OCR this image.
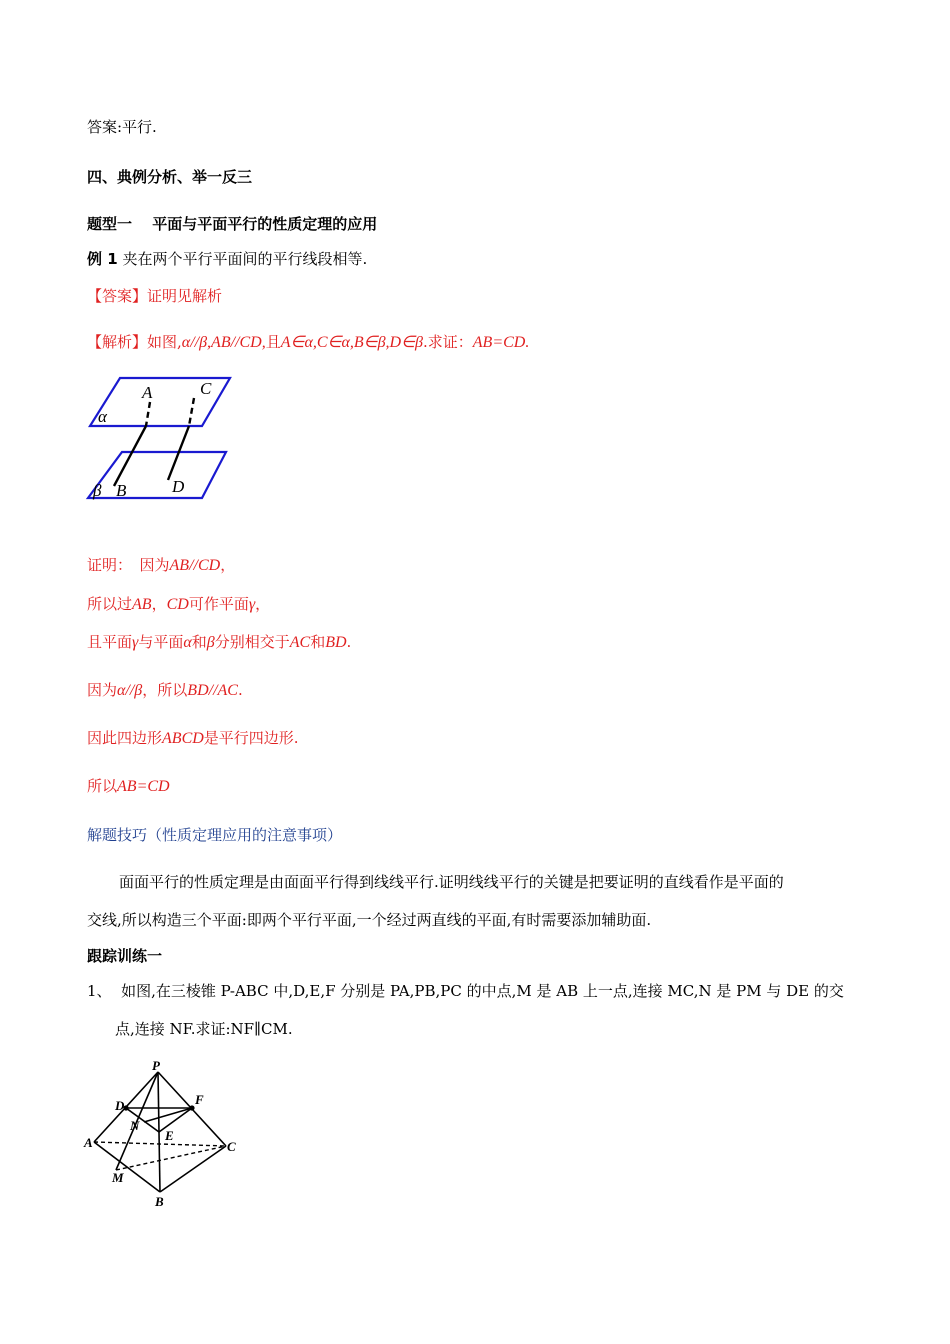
答案:平行.
四、典例分析、举一反三
题型一　 平面与平面平行的性质定理的应用
例 1 夹在两个平行平面间的平行线段相等.
【答案】证明见解析
【解析】如图,α//β,AB//CD,且A∈α,C∈α,B∈β,D∈β.求证：AB=CD.
A	C
α
β B	D
证明：　因为AB//CD，
所以过AB，CD可作平面γ，
且平面γ与平面α和β分别相交于AC和BD.
因为α//β，所以BD//AC.
因此四边形ABCD是平行四边形.
所以AB=CD
解题技巧（性质定理应用的注意事项）
面面平行的性质定理是由面面平行得到线线平行.证明线线平行的关键是把要证明的直线看作是平面的
交线,所以构造三个平面:即两个平行平面,一个经过两直线的平面,有时需要添加辅助面.
跟踪训练一
1、 如图,在三棱锥 P-ABC 中,D,E,F 分别是 PA,PB,PC 的中点,M 是 AB 上一点,连接 MC,N 是 PM 与 DE 的交
点,连接 NF.求证:NF∥CM.
P
D	F
N
E
A	C
M
B
